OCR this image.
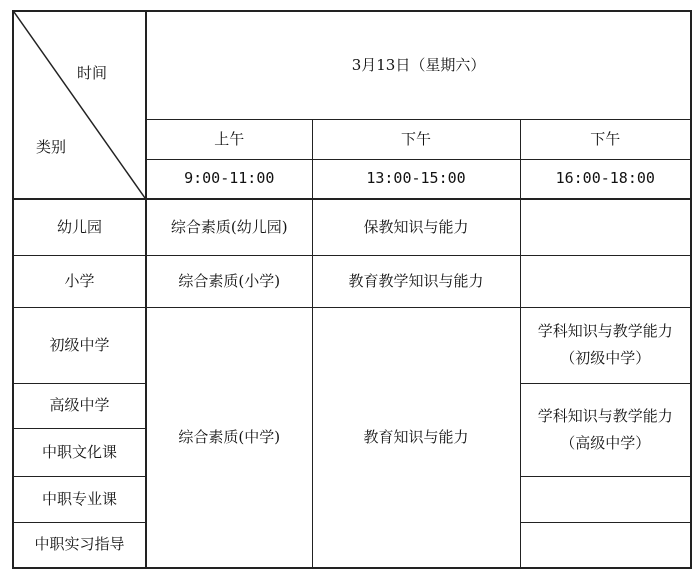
时间
类别	3月13日（星期六）		
	上午	下午	下午
	9:00-11:00	13:00-15:00	16:00-18:00
幼儿园	综合素质(幼儿园)	保教知识与能力	
小学	综合素质(小学)	教育教学知识与能力	
初级中学	综合素质(中学)	教育知识与能力	学科知识与教学能力
（初级中学）

高级中学			学科知识与教学能力
（高级中学）

中职文化课			
中职专业课			
中职实习指导			
